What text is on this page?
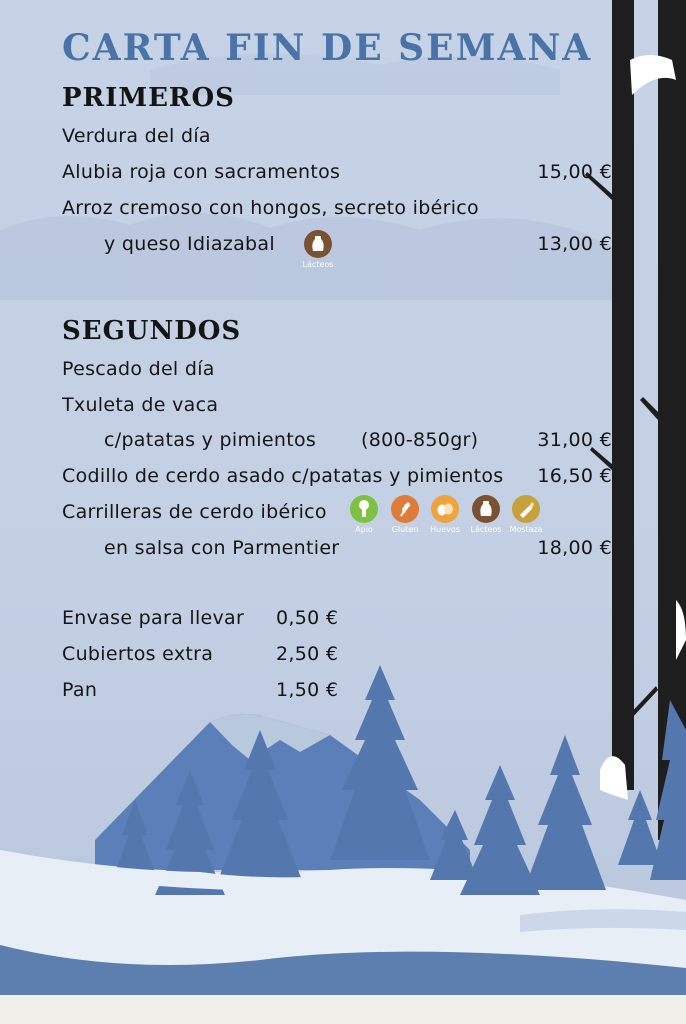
CARTA FIN DE SEMANA
PRIMEROS
Verdura del día
Alubia roja con sacramentos	15,00 €
Arroz cremoso con hongos, secreto ibérico
y queso Idiazabal	13,00 €
Lácteos
SEGUNDOS
Pescado del día
Txuleta de vaca
c/patatas y pimientos (800-850gr)	31,00 €
Codillo de cerdo asado c/patatas y pimientos	16,50 €
Carrilleras de cerdo ibérico
en salsa con Parmentier	18,00 €
Apio	Gluten	Huevos	Lácteos	Mostaza
Envase para llevar 0,50 €
Cubiertos extra	2,50 €
Pan	1,50 €
